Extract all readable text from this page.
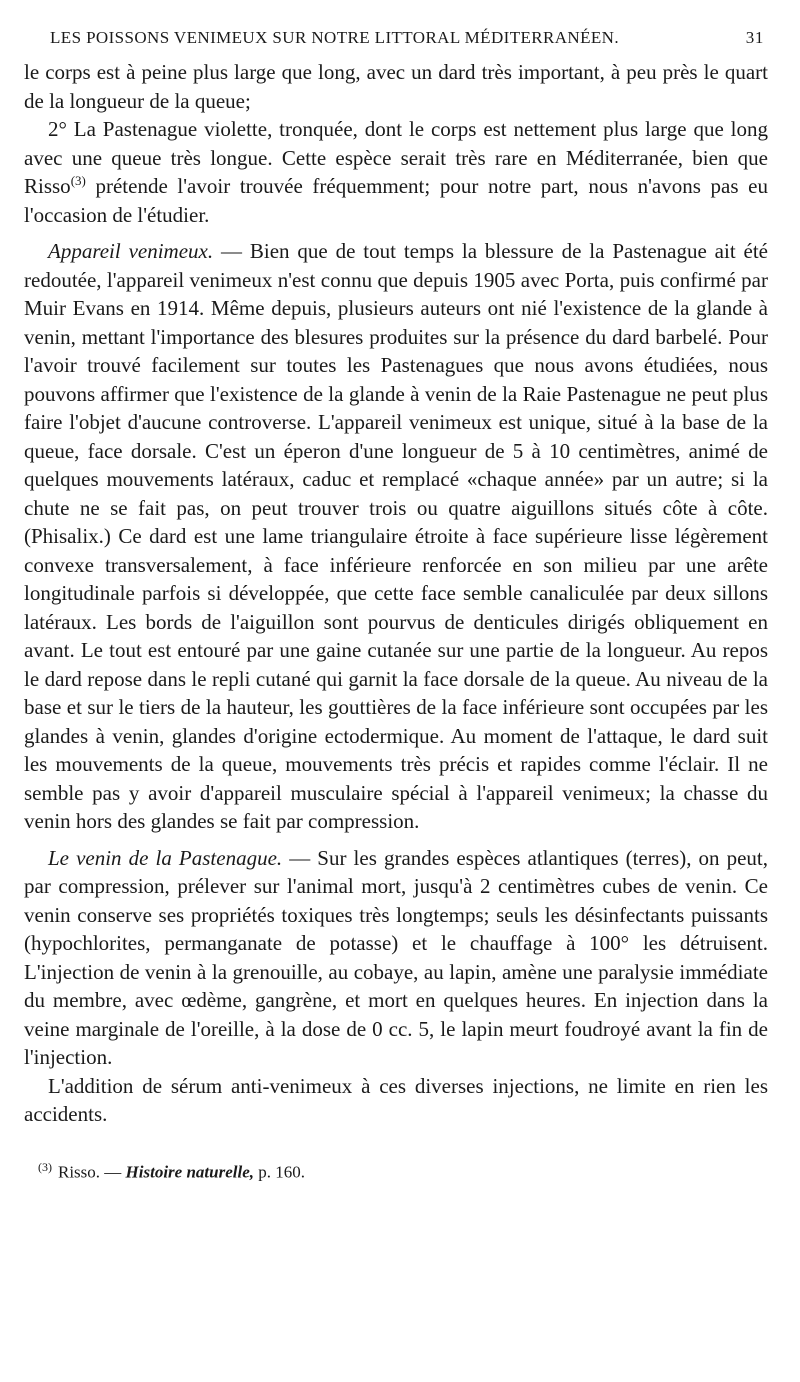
LES POISSONS VENIMEUX SUR NOTRE LITTORAL MÉDITERRANÉEN.	31

le corps est à peine plus large que long, avec un dard très important, à peu près le quart de la longueur de la queue;

2° La Pastenague violette, tronquée, dont le corps est nettement plus large que long avec une queue très longue. Cette espèce serait très rare en Méditerranée, bien que Risso$^{(3)}$ prétende l'avoir trouvée fréquemment; pour notre part, nous n'avons pas eu l'occasion de l'étudier.

Appareil venimeux. — Bien que de tout temps la blessure de la Pastenague ait été redoutée, l'appareil venimeux n'est connu que depuis 1905 avec Porta, puis confirmé par Muir Evans en 1914. Même depuis, plusieurs auteurs ont nié l'existence de la glande à venin, mettant l'importance des blesures produites sur la présence du dard barbelé. Pour l'avoir trouvé facilement sur toutes les Pastenagues que nous avons étudiées, nous pouvons affirmer que l'existence de la glande à venin de la Raie Pastenague ne peut plus faire l'objet d'aucune controverse. L'appareil venimeux est unique, situé à la base de la queue, face dorsale. C'est un éperon d'une longueur de 5 à 10 centimètres, animé de quelques mouvements latéraux, caduc et remplacé «chaque année» par un autre; si la chute ne se fait pas, on peut trouver trois ou quatre aiguillons situés côte à côte. (Phisalix.) Ce dard est une lame triangulaire étroite à face supérieure lisse légèrement convexe transversalement, à face inférieure renforcée en son milieu par une arête longitudinale parfois si développée, que cette face semble canaliculée par deux sillons latéraux. Les bords de l'aiguillon sont pourvus de denticules dirigés obliquement en avant. Le tout est entouré par une gaine cutanée sur une partie de la longueur. Au repos le dard repose dans le repli cutané qui garnit la face dorsale de la queue. Au niveau de la base et sur le tiers de la hauteur, les gouttières de la face inférieure sont occupées par les glandes à venin, glandes d'origine ectodermique. Au moment de l'attaque, le dard suit les mouvements de la queue, mouvements très précis et rapides comme l'éclair. Il ne semble pas y avoir d'appareil musculaire spécial à l'appareil venimeux; la chasse du venin hors des glandes se fait par compression.

Le venin de la Pastenague. — Sur les grandes espèces atlantiques (terres), on peut, par compression, prélever sur l'animal mort, jusqu'à 2 centimètres cubes de venin. Ce venin conserve ses propriétés toxiques très longtemps; seuls les désinfectants puissants (hypochlorites, permanganate de potasse) et le chauffage à 100° les détruisent. L'injection de venin à la grenouille, au cobaye, au lapin, amène une paralysie immédiate du membre, avec œdème, gangrène, et mort en quelques heures. En injection dans la veine marginale de l'oreille, à la dose de 0 cc. 5, le lapin meurt foudroyé avant la fin de l'injection.

L'addition de sérum anti-venimeux à ces diverses injections, ne limite en rien les accidents.

$^{(3)}$ Risso. — Histoire naturelle, p. 160.
